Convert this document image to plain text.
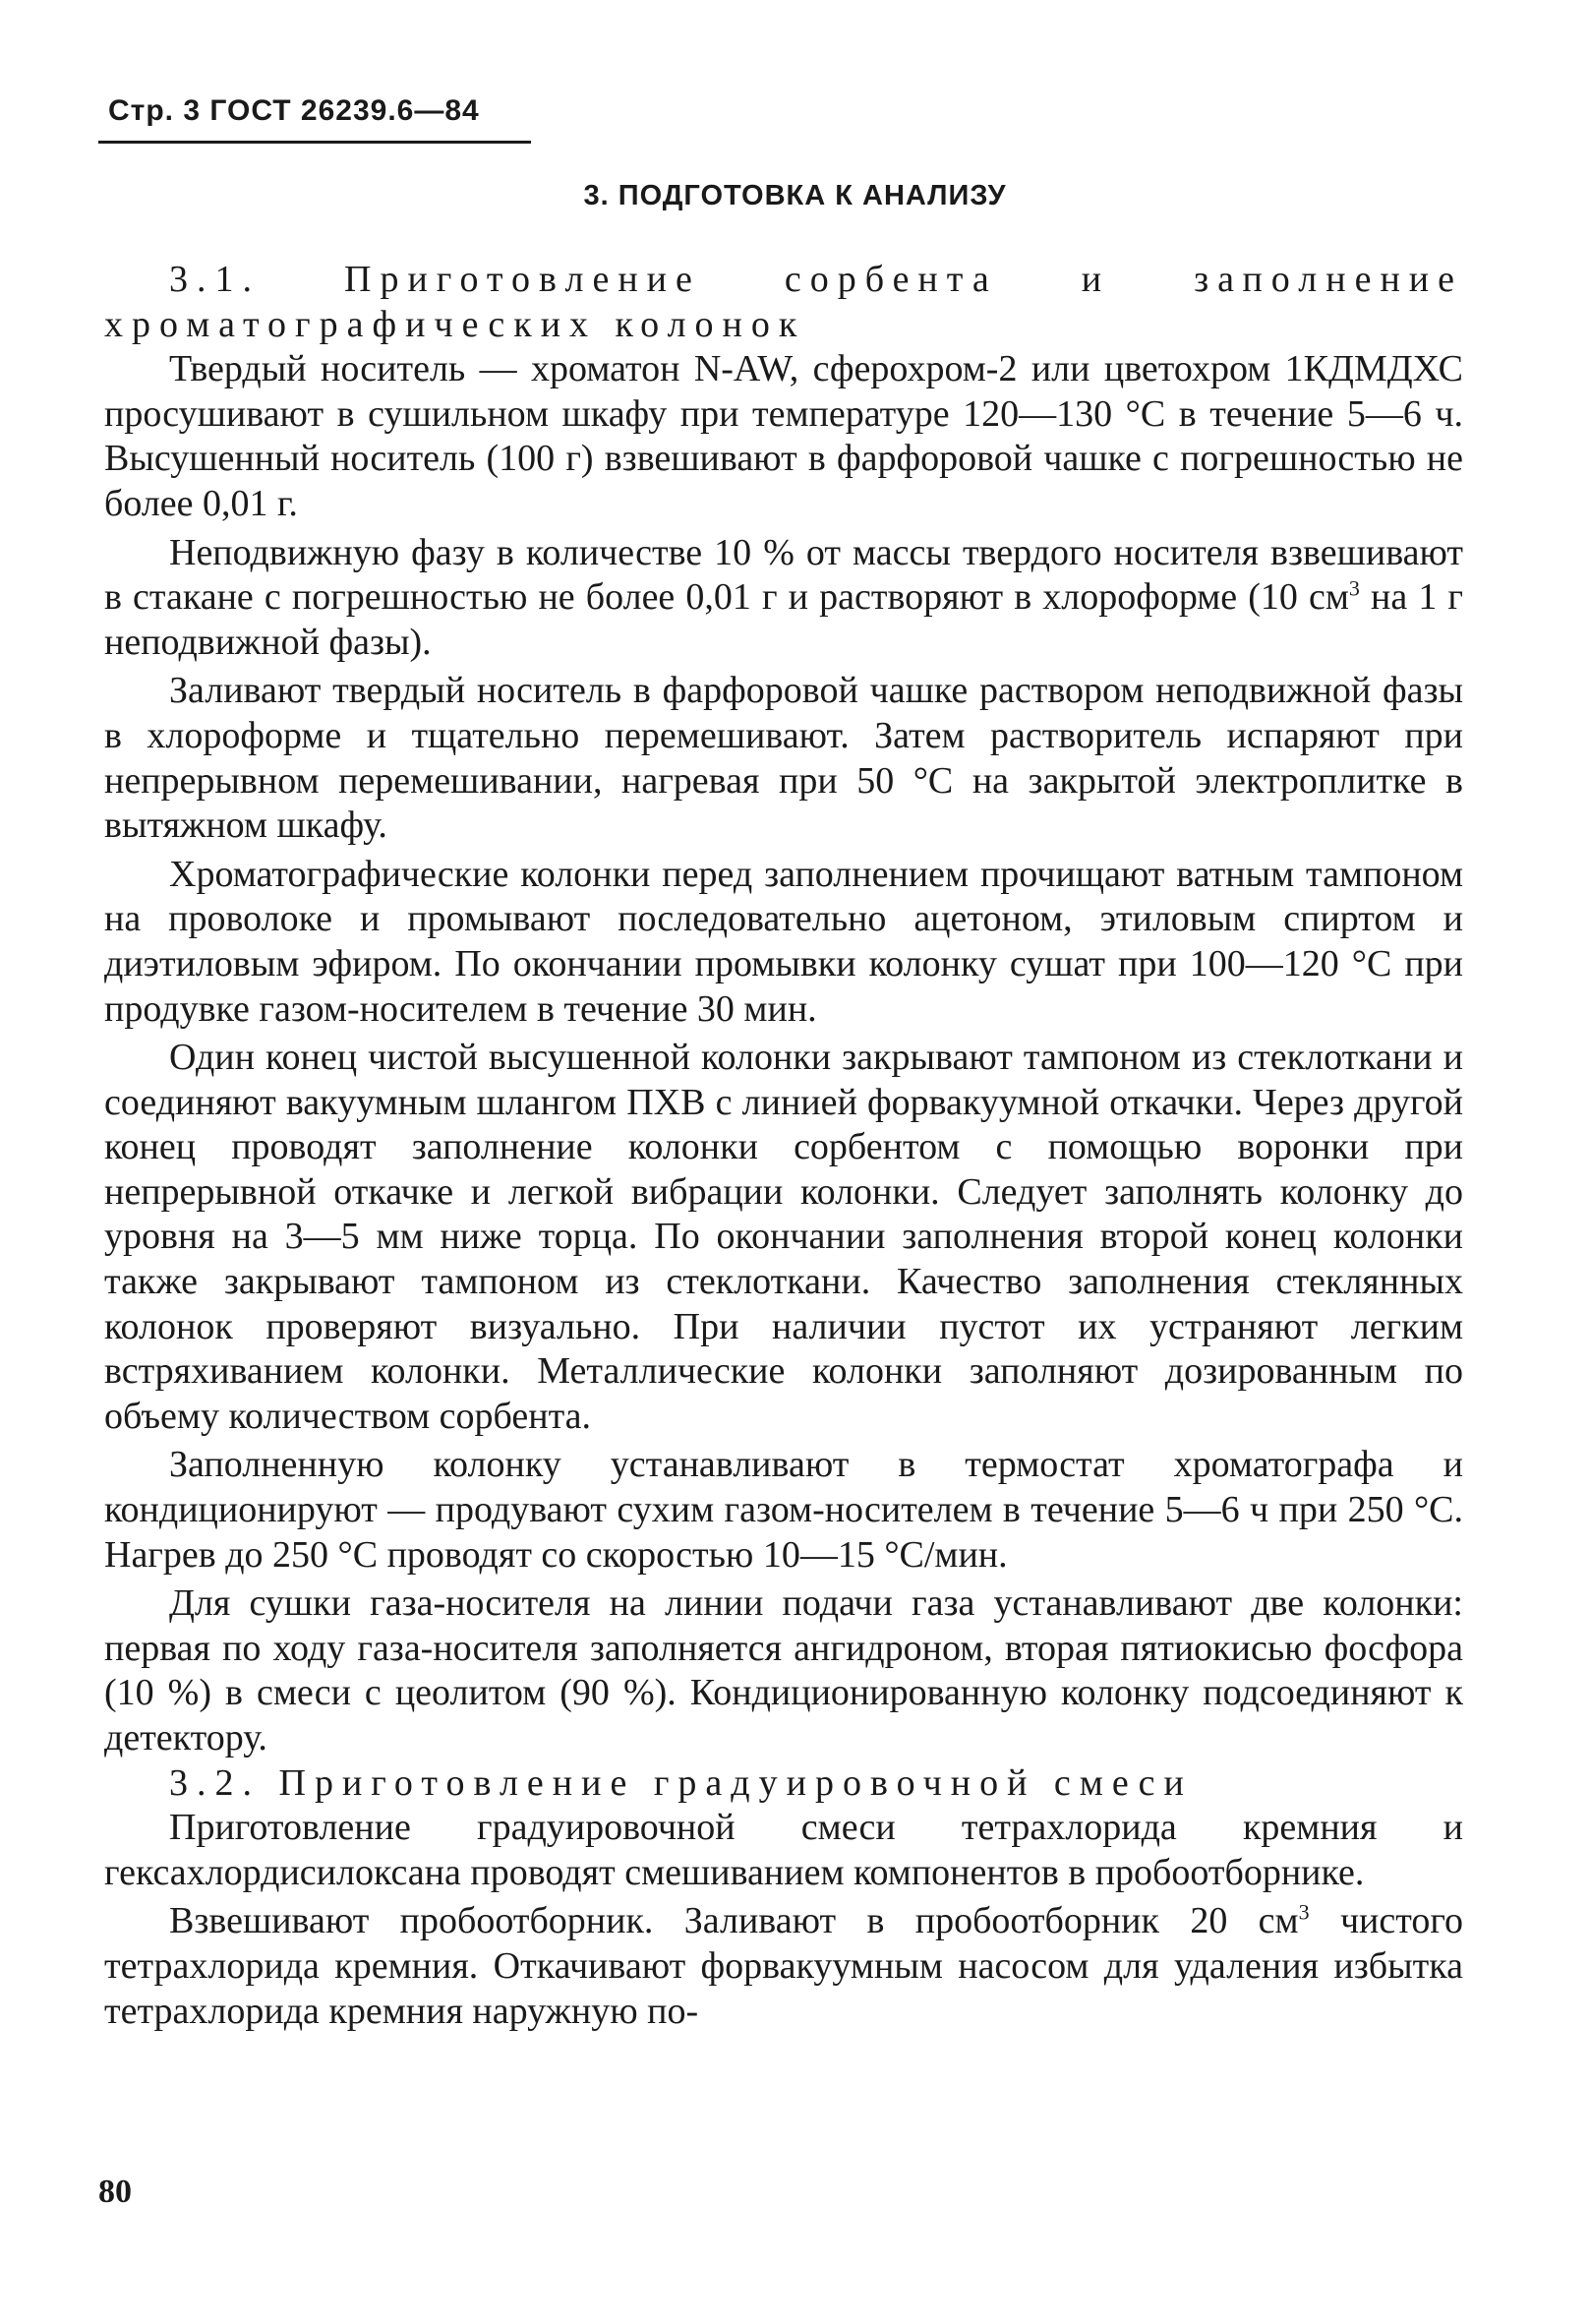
Стр. 3 ГОСТ 26239.6—84
3. ПОДГОТОВКА К АНАЛИЗУ

3.1. Приготовление сорбента и заполнение хроматографических колонок

Твердый носитель — хроматон N-AW, сферохром-2 или цветохром 1КДМДХС просушивают в сушильном шкафу при температуре 120—130 °С в течение 5—6 ч. Высушенный носитель (100 г) взвешивают в фарфоровой чашке с погрешностью не более 0,01 г.

Неподвижную фазу в количестве 10 % от массы твердого носителя взвешивают в стакане с погрешностью не более 0,01 г и растворяют в хлороформе (10 $см^3$ на 1 г неподвижной фазы).

Заливают твердый носитель в фарфоровой чашке раствором неподвижной фазы в хлороформе и тщательно перемешивают. Затем растворитель испаряют при непрерывном перемешивании, нагревая при 50 °С на закрытой электроплитке в вытяжном шкафу.

Хроматографические колонки перед заполнением прочищают ватным тампоном на проволоке и промывают последовательно ацетоном, этиловым спиртом и диэтиловым эфиром. По окончании промывки колонку сушат при 100—120 °С при продувке газом-носителем в течение 30 мин.

Один конец чистой высушенной колонки закрывают тампоном из стеклоткани и соединяют вакуумным шлангом ПХВ с линией форвакуумной откачки. Через другой конец проводят заполнение колонки сорбентом с помощью воронки при непрерывной откачке и легкой вибрации колонки. Следует заполнять колонку до уровня на 3—5 мм ниже торца. По окончании заполнения второй конец колонки также закрывают тампоном из стеклоткани. Качество заполнения стеклянных колонок проверяют визуально. При наличии пустот их устраняют легким встряхиванием колонки. Металлические колонки заполняют дозированным по объему количеством сорбента.

Заполненную колонку устанавливают в термостат хроматографа и кондиционируют — продувают сухим газом-носителем в течение 5—6 ч при 250 °С. Нагрев до 250 °С проводят со скоростью 10—15 °С/мин.

Для сушки газа-носителя на линии подачи газа устанавливают две колонки: первая по ходу газа-носителя заполняется ангидроном, вторая пятиокисью фосфора (10 %) в смеси с цеолитом (90 %). Кондиционированную колонку подсоединяют к детектору.

3.2. Приготовление градуировочной смеси

Приготовление градуировочной смеси тетрахлорида кремния и гексахлордисилоксана проводят смешиванием компонентов в пробоотборнике.

Взвешивают пробоотборник. Заливают в пробоотборник 20 $см^3$ чистого тетрахлорида кремния. Откачивают форвакуумным насосом для удаления избытка тетрахлорида кремния наружную по-

80
